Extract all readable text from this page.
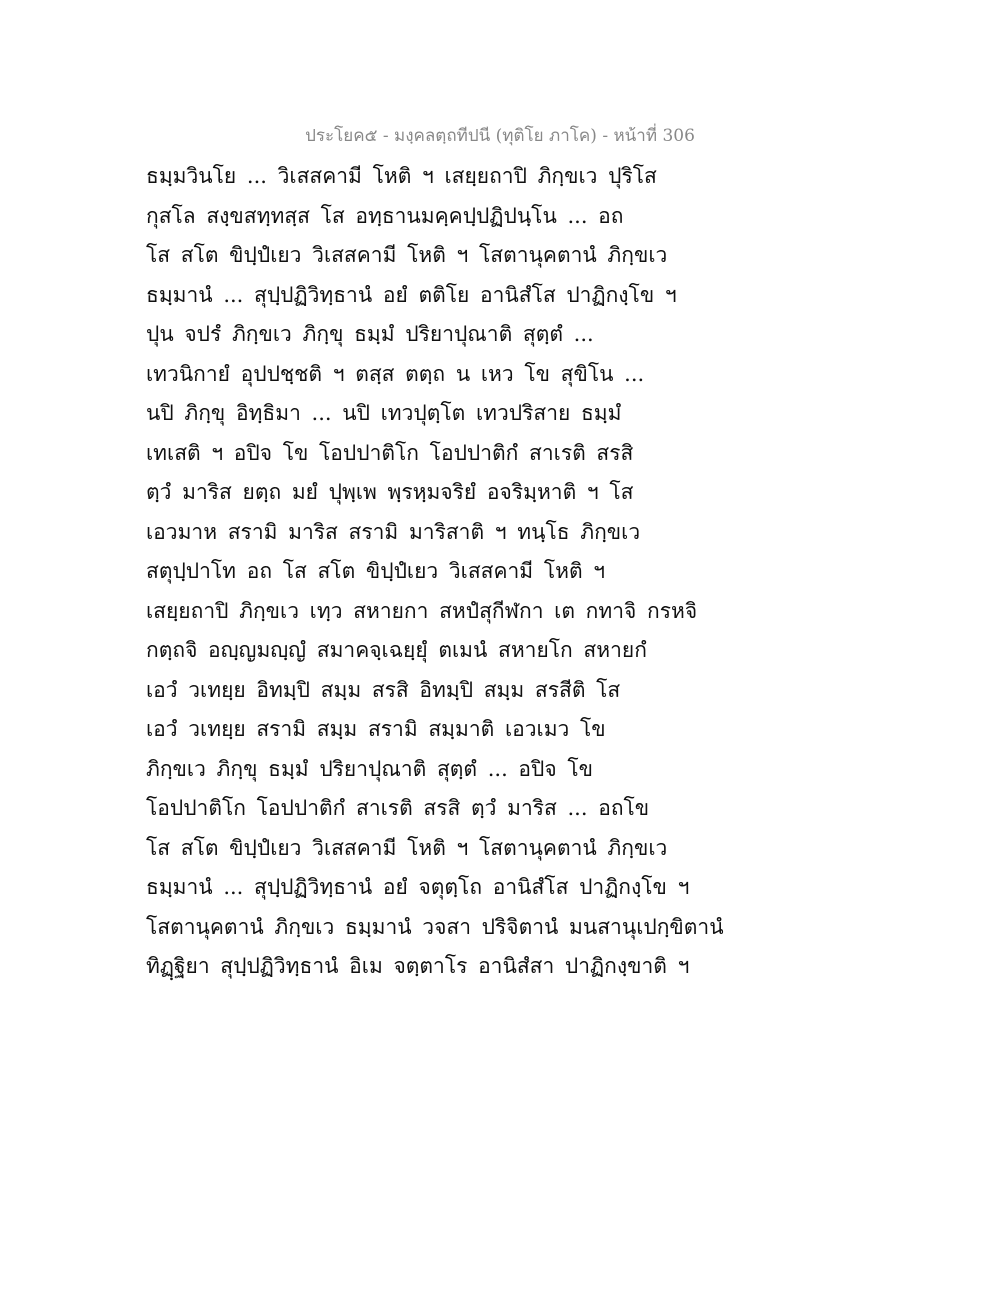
ประโยค๕ - มงฺคลตฺถทีปนี (ทุติโย ภาโค) - หน้าที่ 306
ธมฺมวินโย ... วิเสสคามี โหติ ฯ เสยฺยถาปิ ภิกฺขเว ปุริโส
กุสโล สงฺขสทฺทสฺส โส อทฺธานมคฺคปฺปฏิปนฺโน ... อถ
โส สโต ขิปฺปํเยว วิเสสคามี โหติ ฯ โสตานุคตานํ ภิกฺขเว
ธมฺมานํ ... สุปฺปฏิวิทฺธานํ อยํ ตติโย อานิสํโส ปาฏิกงฺโข ฯ
ปุน จปรํ ภิกฺขเว ภิกฺขุ ธมฺมํ ปริยาปุณาติ สุตฺตํ ...
เทวนิกายํ อุปปชฺชติ ฯ ตสฺส ตตฺถ น เหว โข สุขิโน ...
นปิ ภิกฺขุ อิทฺธิมา ... นปิ เทวปุตฺโต เทวปริสาย ธมฺมํ
เทเสติ ฯ อปิจ โข โอปปาติโก โอปปาติกํ สาเรติ สรสิ
ตฺวํ มาริส ยตฺถ มยํ ปุพฺเพ พฺรหฺมจริยํ อจริมฺหาติ ฯ โส
เอวมาห สรามิ มาริส สรามิ มาริสาติ ฯ ทนฺโธ ภิกฺขเว
สตุปฺปาโท อถ โส สโต ขิปฺปํเยว วิเสสคามี โหติ ฯ
เสยฺยถาปิ ภิกฺขเว เทฺว สหายกา สหปํสุกีฬกา เต กทาจิ กรหจิ
กตฺถจิ อญฺญมญฺญํ สมาคจฺเฉยฺยุํ ตเมนํ สหายโก สหายกํ
เอวํ วเทยฺย อิทมฺปิ สมฺม สรสิ อิทมฺปิ สมฺม สรสีติ โส
เอวํ วเทยฺย สรามิ สมฺม สรามิ สมฺมาติ เอวเมว โข
ภิกฺขเว ภิกฺขุ ธมฺมํ ปริยาปุณาติ สุตฺตํ ... อปิจ โข
โอปปาติโก โอปปาติกํ สาเรติ สรสิ ตฺวํ มาริส ... อถโข
โส สโต ขิปฺปํเยว วิเสสคามี โหติ ฯ โสตานุคตานํ ภิกฺขเว
ธมฺมานํ ... สุปฺปฏิวิทฺธานํ อยํ จตุตฺโถ อานิสํโส ปาฏิกงฺโข ฯ
โสตานุคตานํ ภิกฺขเว ธมฺมานํ วจสา ปริจิตานํ มนสานุเปกฺขิตานํ
ทิฏฺฐิยา สุปฺปฏิวิทฺธานํ อิเม จตฺตาโร อานิสํสา ปาฏิกงฺขาติ ฯ
